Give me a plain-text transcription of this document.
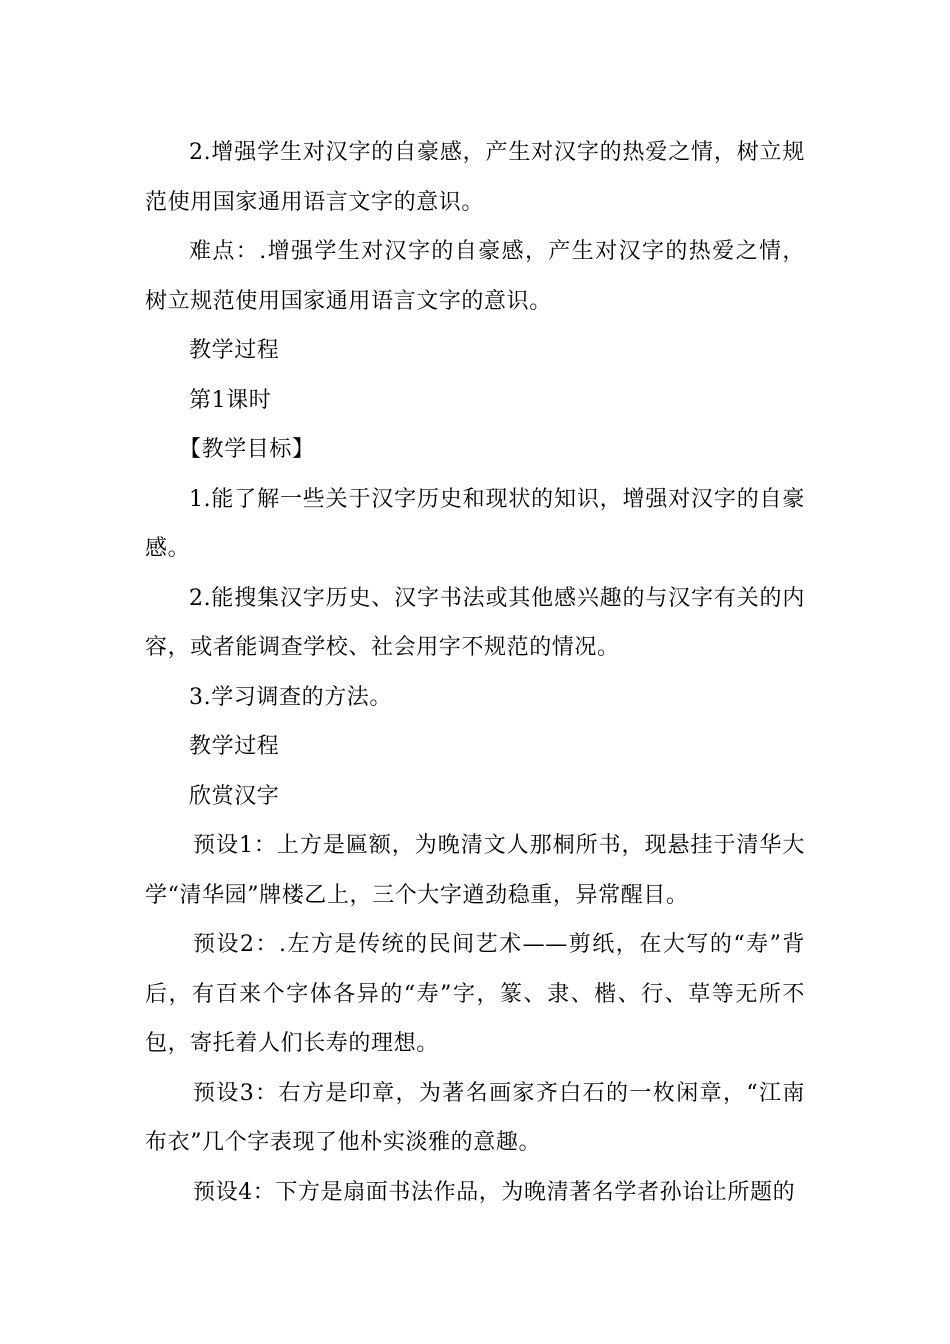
2.增强学生对汉字的自豪感，产生对汉字的热爱之情，树立规范使用国家通用语言文字的意识。

难点：.增强学生对汉字的自豪感，产生对汉字的热爱之情，树立规范使用国家通用语言文字的意识。

教学过程

第1课时

【教学目标】

1.能了解一些关于汉字历史和现状的知识，增强对汉字的自豪感。

2.能搜集汉字历史、汉字书法或其他感兴趣的与汉字有关的内容，或者能调查学校、社会用字不规范的情况。

3.学习调查的方法。

教学过程

欣赏汉字

预设1：上方是匾额，为晚清文人那桐所书，现悬挂于清华大学“清华园”牌楼乙上，三个大字遒劲稳重，异常醒目。

预设2：.左方是传统的民间艺术——剪纸，在大写的“寿”背后，有百来个字体各异的“寿”字，篆、隶、楷、行、草等无所不包，寄托着人们长寿的理想。

预设3：右方是印章，为著名画家齐白石的一枚闲章，“江南布衣”几个字表现了他朴实淡雅的意趣。

预设4：下方是扇面书法作品，为晚清著名学者孙诒让所题的
